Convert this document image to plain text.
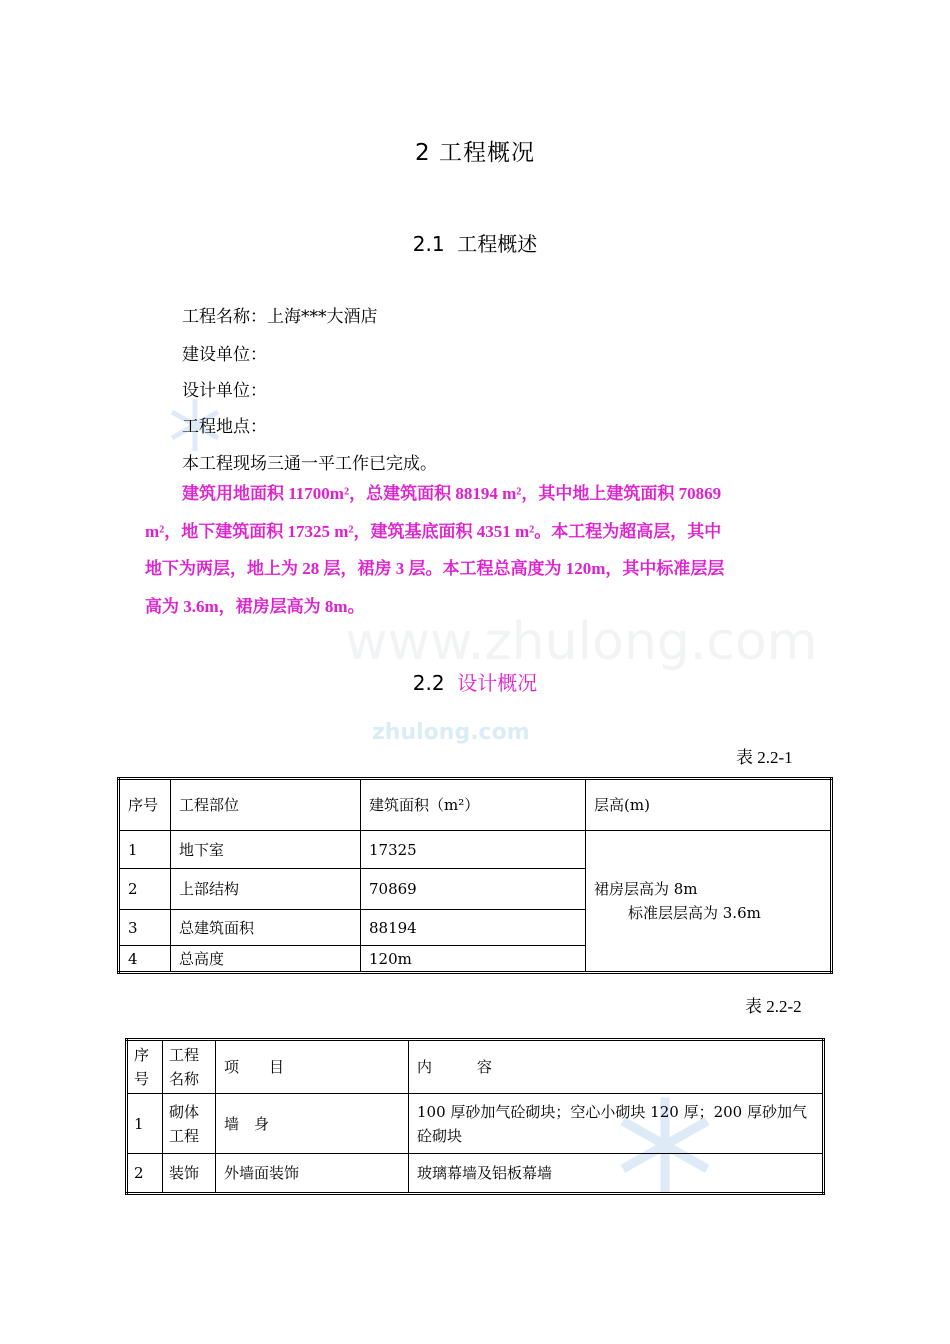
www.zhulong.com
zhulong.com
2 工程概况
2.1 工程概述
工程名称：上海***大酒店
建设单位：
设计单位：
工程地点：
本工程现场三通一平工作已完成。
建筑用地面积 11700m²，总建筑面积 88194 m²，其中地上建筑面积 70869
m²，地下建筑面积 17325 m²，建筑基底面积 4351 m²。本工程为超高层，其中
地下为两层，地上为 28 层，裙房 3 层。本工程总高度为 120m，其中标准层层
高为 3.6m，裙房层高为 8m。
2.2 设计概况
表 2.2-1
序号	工程部位	建筑面积（m²）	层高(m)
1	地下室	17325	裙房层高为 8m
标准层层高为 3.6m

2	上部结构	70869	
3	总建筑面积	88194	
4	总高度	120m	
表 2.2-2
序号	工程名称	项　　目	内　　　容
1	砌体工程	墙　身	100 厚砂加气砼砌块；空心小砌块 120 厚；200 厚砂加气砼砌块
2	装饰	外墙面装饰	玻璃幕墙及铝板幕墙
